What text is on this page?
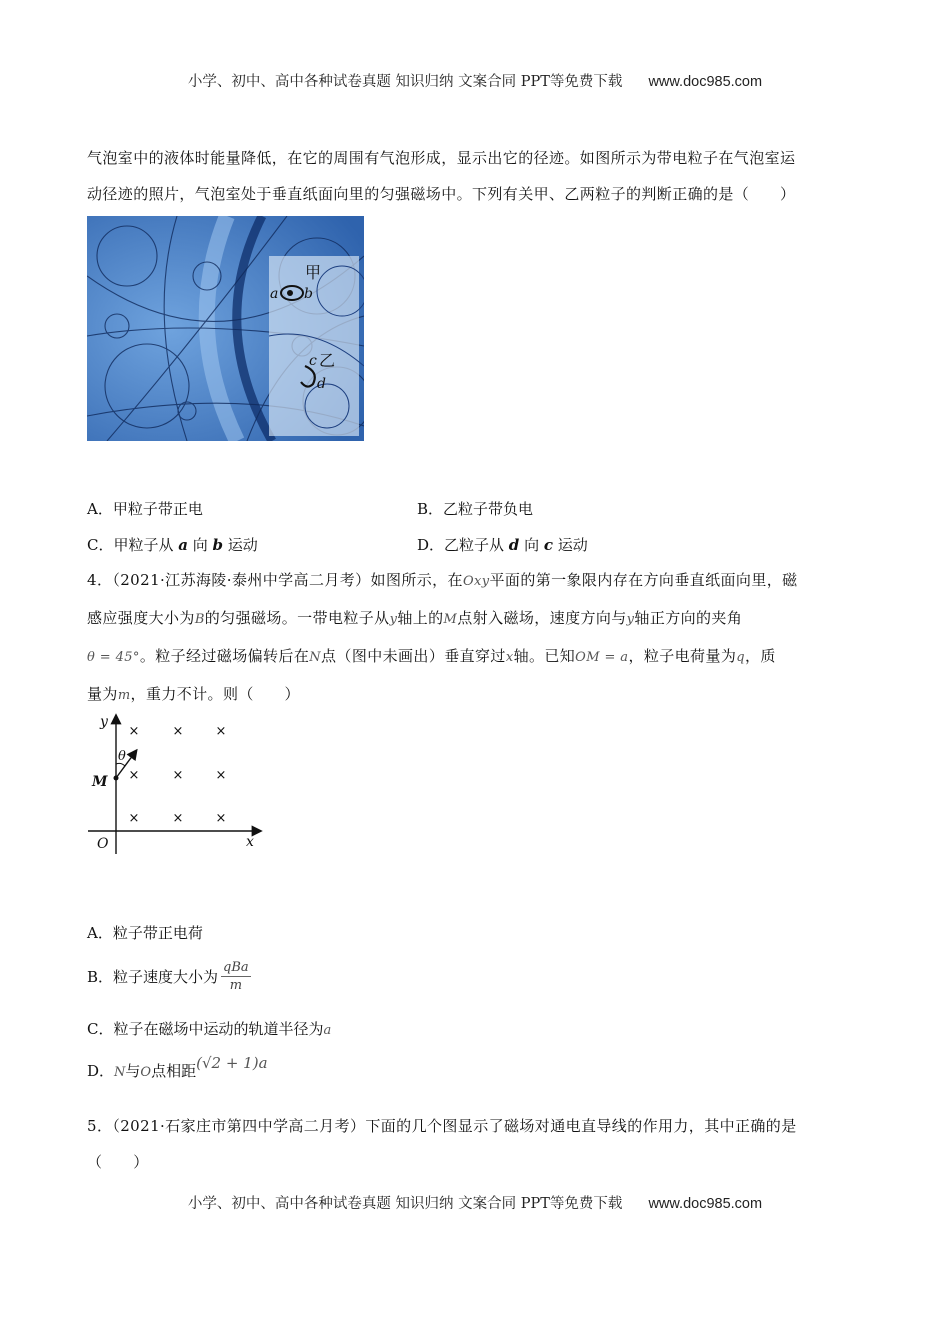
小学、初中、高中各种试卷真题 知识归纳 文案合同 PPT等免费下载 www.doc985.com
气泡室中的液体时能量降低，在它的周围有气泡形成，显示出它的径迹。如图所示为带电粒子在气泡室运
动径迹的照片，气泡室处于垂直纸面向里的匀强磁场中。下列有关甲、乙两粒子的判断正确的是（　　）
甲
a b
c 乙
d
A．甲粒子带正电	B．乙粒子带负电
C．甲粒子从 a 向 b 运动	D．乙粒子从 d 向 c 运动
4．（2021·江苏海陵·泰州中学高二月考）如图所示，在Oxy平面的第一象限内存在方向垂直纸面向里，磁
感应强度大小为B的匀强磁场。一带电粒子从y轴上的M点射入磁场，速度方向与y轴正方向的夹角
θ = 45°。粒子经过磁场偏转后在N点（图中未画出）垂直穿过x轴。已知OM = a，粒子电荷量为q，质
量为m，重力不计。则（　　）
y
θ
M
O	x
×	× ×
×	× ×
×	× ×
A．粒子带正电荷
B．粒子速度大小为 $\frac{\text{qBa}}{m}$
C．粒子在磁场中运动的轨道半径为a
D．N与O点相距(√2 + 1)a
5．（2021·石家庄市第四中学高二月考）下面的几个图显示了磁场对通电直导线的作用力，其中正确的是
（　　）
小学、初中、高中各种试卷真题 知识归纳 文案合同 PPT等免费下载 www.doc985.com
